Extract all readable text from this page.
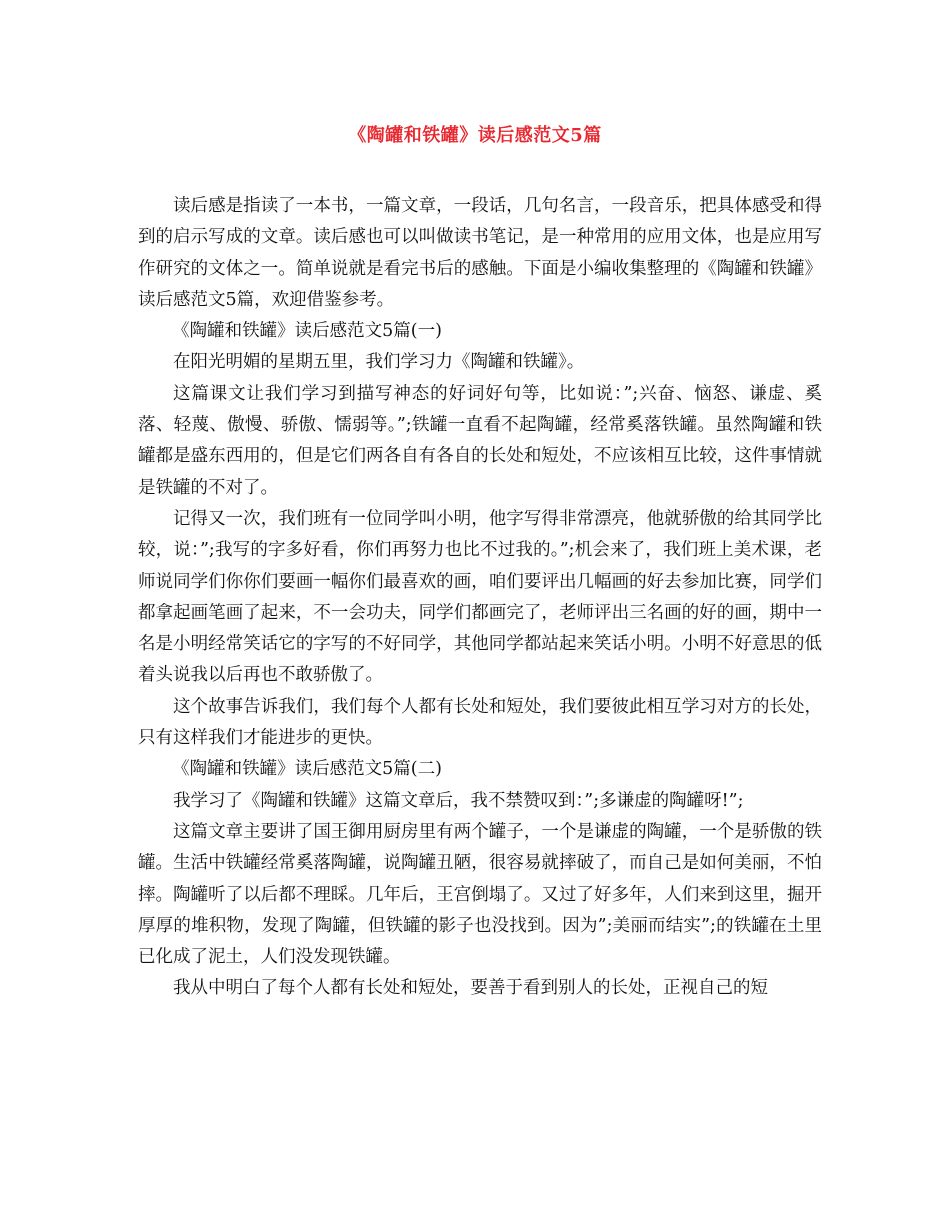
《陶罐和铁罐》读后感范文5篇

读后感是指读了一本书，一篇文章，一段话，几句名言，一段音乐，把具体感受和得到的启示写成的文章。读后感也可以叫做读书笔记，是一种常用的应用文体，也是应用写作研究的文体之一。简单说就是看完书后的感触。下面是小编收集整理的《陶罐和铁罐》读后感范文5篇，欢迎借鉴参考。

《陶罐和铁罐》读后感范文5篇(一)

在阳光明媚的星期五里，我们学习力《陶罐和铁罐》。

这篇课文让我们学习到描写神态的好词好句等，比如说：”;兴奋、恼怒、谦虚、奚落、轻蔑、傲慢、骄傲、懦弱等。”;铁罐一直看不起陶罐，经常奚落铁罐。虽然陶罐和铁罐都是盛东西用的，但是它们两各自有各自的长处和短处，不应该相互比较，这件事情就是铁罐的不对了。

记得又一次，我们班有一位同学叫小明，他字写得非常漂亮，他就骄傲的给其同学比较，说：”;我写的字多好看，你们再努力也比不过我的。”;机会来了，我们班上美术课，老师说同学们你你们要画一幅你们最喜欢的画，咱们要评出几幅画的好去参加比赛，同学们都拿起画笔画了起来，不一会功夫，同学们都画完了，老师评出三名画的好的画，期中一名是小明经常笑话它的字写的不好同学，其他同学都站起来笑话小明。小明不好意思的低着头说我以后再也不敢骄傲了。

这个故事告诉我们，我们每个人都有长处和短处，我们要彼此相互学习对方的长处，只有这样我们才能进步的更快。

《陶罐和铁罐》读后感范文5篇(二)

我学习了《陶罐和铁罐》这篇文章后，我不禁赞叹到：”;多谦虚的陶罐呀!”;

这篇文章主要讲了国王御用厨房里有两个罐子，一个是谦虚的陶罐，一个是骄傲的铁罐。生活中铁罐经常奚落陶罐，说陶罐丑陋，很容易就摔破了，而自己是如何美丽，不怕摔。陶罐听了以后都不理睬。几年后，王宫倒塌了。又过了好多年，人们来到这里，掘开厚厚的堆积物，发现了陶罐，但铁罐的影子也没找到。因为”;美丽而结实”;的铁罐在土里已化成了泥土，人们没发现铁罐。

我从中明白了每个人都有长处和短处，要善于看到别人的长处，正视自己的短
